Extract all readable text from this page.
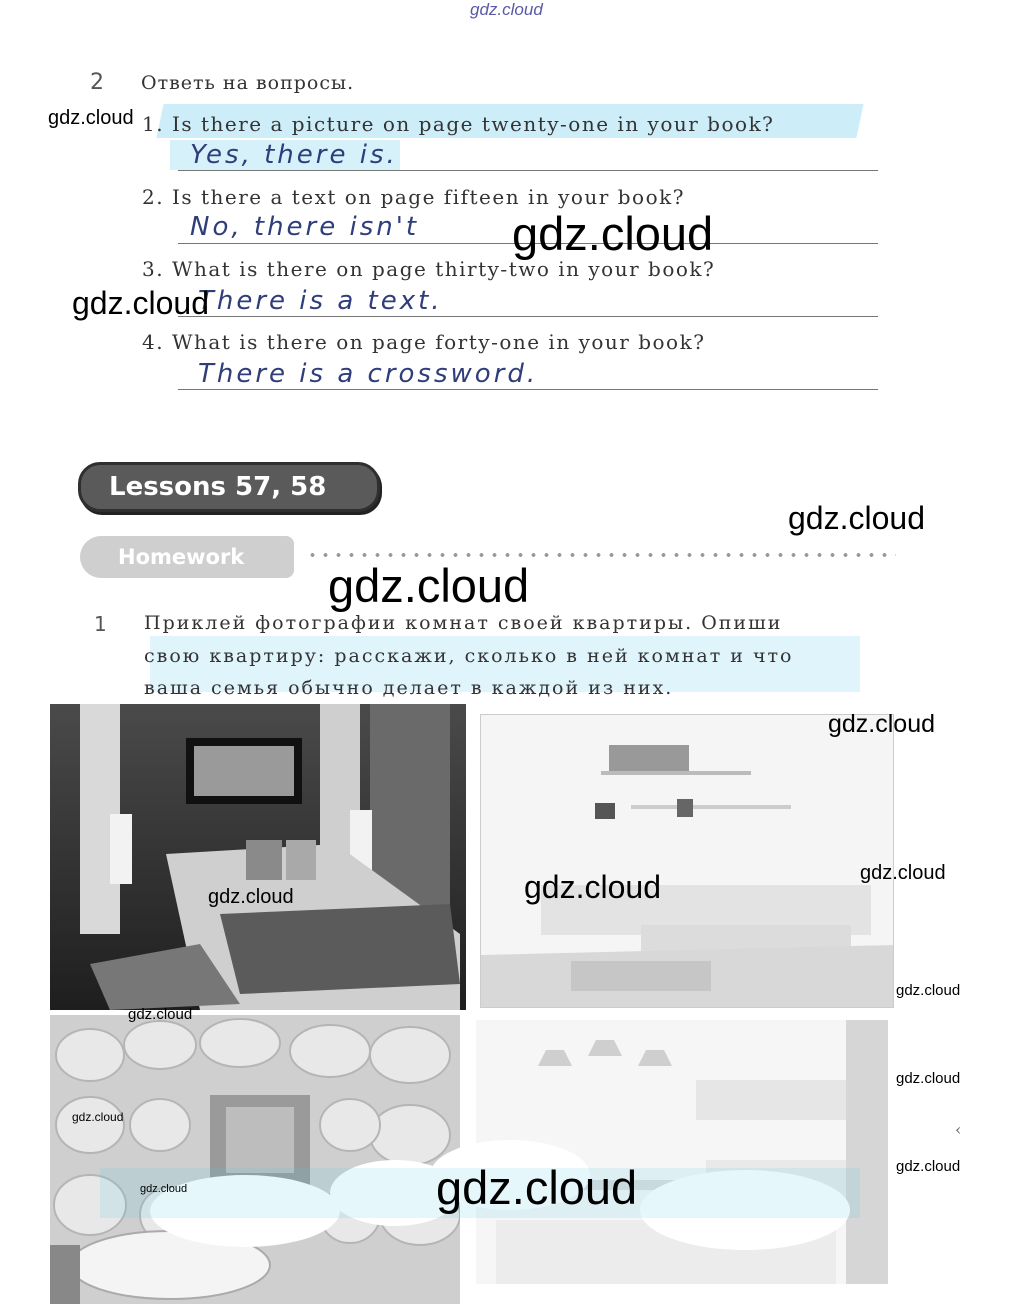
gdz.cloud
2 Ответь на вопросы.
1. Is there a picture on page twenty-one in your book?
Yes, there is.
2. Is there a text on page fifteen in your book?
No, there isn't
3. What is there on page thirty-two in your book?
There is a text.
4. What is there on page forty-one in your book?
There is a crossword.
Lessons 57, 58
Homework
1 Приклей фотографии комнат своей квартиры. Опиши
свою квартиру: расскажи, сколько в ней комнат и что
ваша семья обычно делает в каждой из них.
‹
gdz.cloud
gdz.cloud
gdz.cloud
gdz.cloud
gdz.cloud
gdz.cloud
gdz.cloud	gdz.cloud
gdz.cloud
gdz.cloud
gdz.cloud
gdz.cloud
gdz.cloud
gdz.cloud
gdz.cloud	gdz.cloud
